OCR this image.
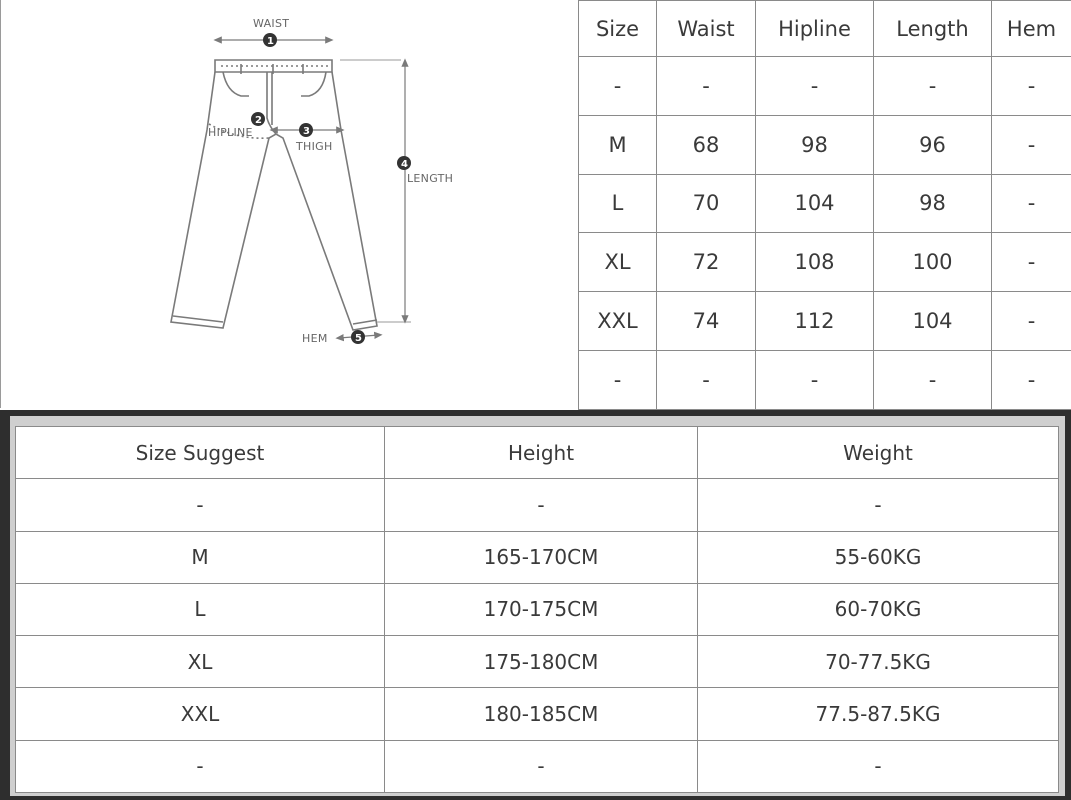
WAIST
1
2
HIPLINE	3
THIGH
4
LENGTH
5
HEM
Size	Waist	Hipline	Length	Hem
-	-	-	-	-
M	68	98	96	-
L	70	104	98	-
XL	72	108	100	-
XXL	74	112	104	-
-	-	-	-	-
Size Suggest	Height	Weight
-	-	-
M	165-170CM	55-60KG
L	170-175CM	60-70KG
XL	175-180CM	70-77.5KG
XXL	180-185CM	77.5-87.5KG
-	-	-
